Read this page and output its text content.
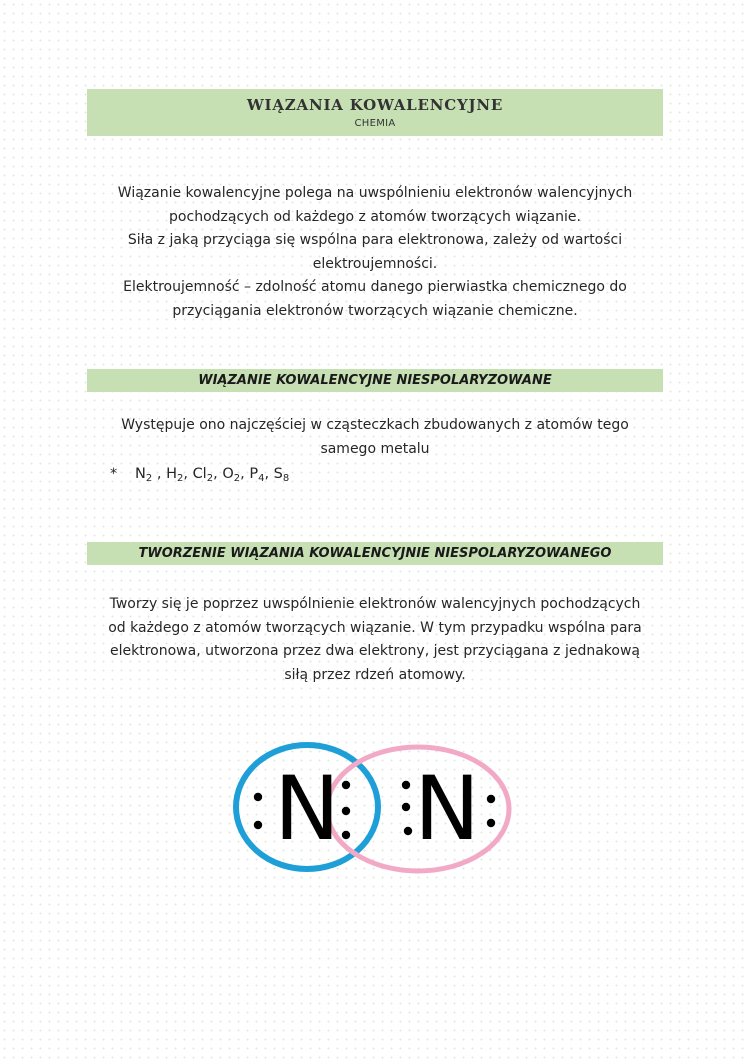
WIĄZANIA KOWALENCYJNE
CHEMIA

Wiązanie kowalencyjne polega na uwspólnieniu elektronów walencyjnych

pochodzących od każdego z atomów tworzących wiązanie.

Siła z jaką przyciąga się wspólna para elektronowa, zależy od wartości

elektroujemności.

Elektroujemność – zdolność atomu danego pierwiastka chemicznego do

przyciągania elektronów tworzących wiązanie chemiczne.

WIĄZANIE KOWALENCYJNE NIESPOLARYZOWANE

Występuje ono najczęściej w cząsteczkach zbudowanych z atomów tego

samego metalu

* $N_2$ , $H_2$, $Cl_2$, $O_2$, $P_4$, $S_8$
TWORZENIE WIĄZANIA KOWALENCYJNIE NIESPOLARYZOWANEGO

Tworzy się je poprzez uwspólnienie elektronów walencyjnych pochodzących

od każdego z atomów tworzących wiązanie. W tym przypadku wspólna para

elektronowa, utworzona przez dwa elektrony, jest przyciągana z jednakową

siłą przez rdzeń atomowy.

N N
